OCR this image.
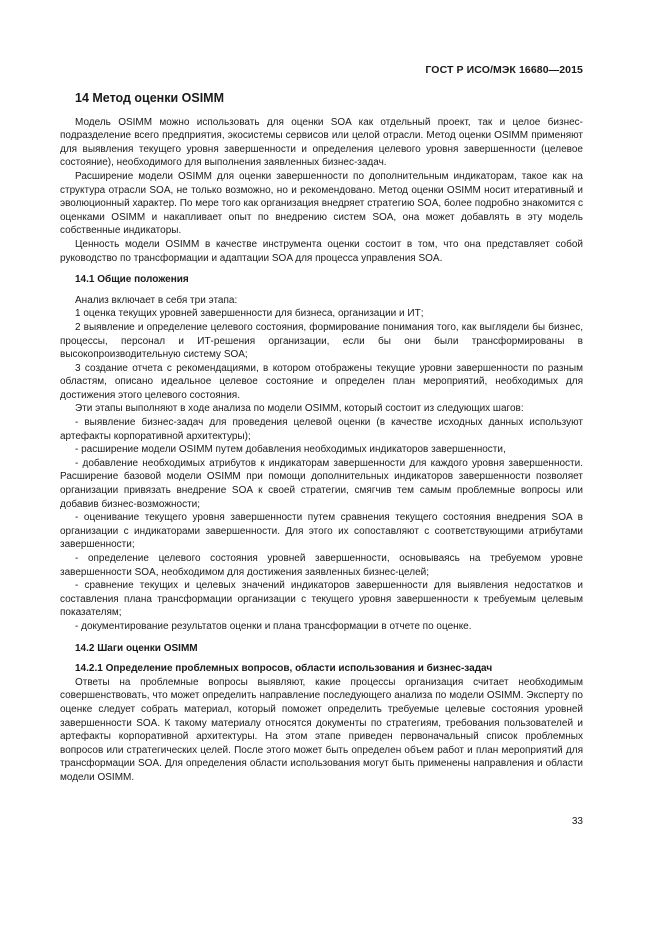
ГОСТ Р ИСО/МЭК 16680—2015
14 Метод оценки OSIMM

Модель OSIMM можно использовать для оценки SOA как отдельный проект, так и целое бизнес-подразделение всего предприятия, экосистемы сервисов или целой отрасли. Метод оценки OSIMM применяют для выявления текущего уровня завершенности и определения целевого уровня завершенности (целевое состояние), необходимого для выполнения заявленных бизнес-задач.

Расширение модели OSIMM для оценки завершенности по дополнительным индикаторам, такое как на структура отрасли SOA, не только возможно, но и рекомендовано. Метод оценки OSIMM носит итеративный и эволюционный характер. По мере того как организация внедряет стратегию SOA, более подробно знакомится с оценками OSIMM и накапливает опыт по внедрению систем SOA, она может добавлять в эту модель собственные индикаторы.

Ценность модели OSIMM в качестве инструмента оценки состоит в том, что она представляет собой руководство по трансформации и адаптации SOA для процесса управления SOA.

14.1 Общие положения

Анализ включает в себя три этапа:

1 оценка текущих уровней завершенности для бизнеса, организации и ИТ;

2 выявление и определение целевого состояния, формирование понимания того, как выглядели бы бизнес, процессы, персонал и ИТ-решения организации, если бы они были трансформированы в высокопроизводительную систему SOA;

3 создание отчета с рекомендациями, в котором отображены текущие уровни завершенности по разным областям, описано идеальное целевое состояние и определен план мероприятий, необходимых для достижения этого целевого состояния.

Эти этапы выполняют в ходе анализа по модели OSIMM, который состоит из следующих шагов:

- выявление бизнес-задач для проведения целевой оценки (в качестве исходных данных используют артефакты корпоративной архитектуры);

- расширение модели OSIMM путем добавления необходимых индикаторов завершенности,

- добавление необходимых атрибутов к индикаторам завершенности для каждого уровня завершенности. Расширение базовой модели OSIMM при помощи дополнительных индикаторов завершенности позволяет организации привязать внедрение SOA к своей стратегии, смягчив тем самым проблемные вопросы или добавив бизнес-возможности;

- оценивание текущего уровня завершенности путем сравнения текущего состояния внедрения SOA в организации с индикаторами завершенности. Для этого их сопоставляют с соответствующими атрибутами завершенности;

- определение целевого состояния уровней завершенности, основываясь на требуемом уровне завершенности SOA, необходимом для достижения заявленных бизнес-целей;

- сравнение текущих и целевых значений индикаторов завершенности для выявления недостатков и составления плана трансформации организации с текущего уровня завершенности к требуемым целевым показателям;

- документирование результатов оценки и плана трансформации в отчете по оценке.

14.2 Шаги оценки OSIMM
14.2.1 Определение проблемных вопросов, области использования и бизнес-задач

Ответы на проблемные вопросы выявляют, какие процессы организация считает необходимым совершенствовать, что может определить направление последующего анализа по модели OSIMM. Эксперту по оценке следует собрать материал, который поможет определить требуемые целевые состояния уровней завершенности SOA. К такому материалу относятся документы по стратегиям, требования пользователей и артефакты корпоративной архитектуры. На этом этапе приведен первоначальный список проблемных вопросов или стратегических целей. После этого может быть определен объем работ и план мероприятий для трансформации SOA. Для определения области использования могут быть применены направления и области модели OSIMM.

33
